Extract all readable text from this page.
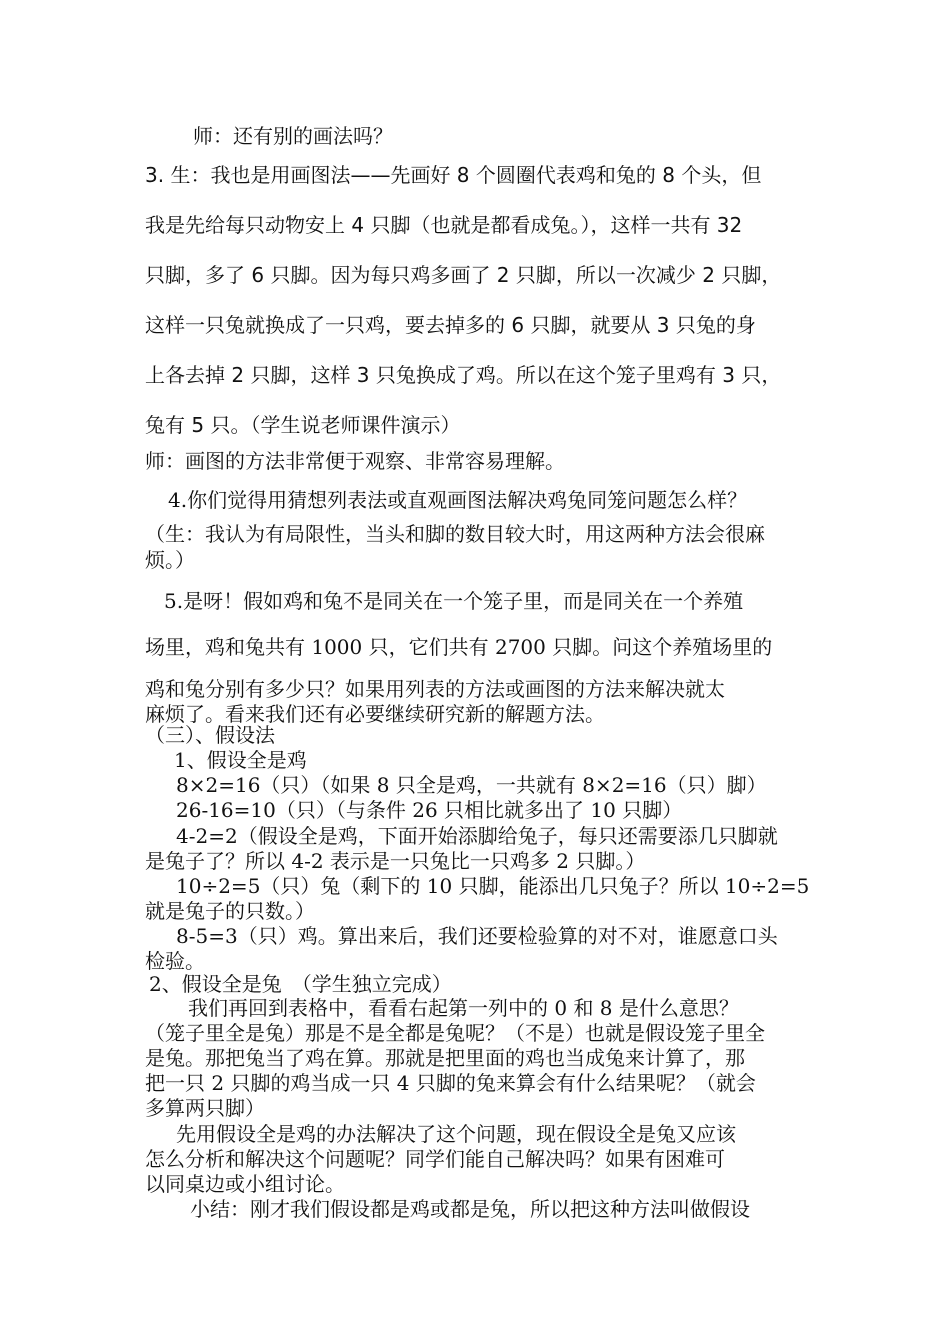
师：还有别的画法吗？
3. 生：我也是用画图法——先画好 8 个圆圈代表鸡和兔的 8 个头，但
我是先给每只动物安上 4 只脚（也就是都看成兔。），这样一共有 32
只脚，多了 6 只脚。因为每只鸡多画了 2 只脚，所以一次减少 2 只脚，
这样一只兔就换成了一只鸡，要去掉多的 6 只脚，就要从 3 只兔的身
上各去掉 2 只脚，这样 3 只兔换成了鸡。所以在这个笼子里鸡有 3 只，
兔有 5 只。（学生说老师课件演示）
师：画图的方法非常便于观察、非常容易理解。
4.你们觉得用猜想列表法或直观画图法解决鸡兔同笼问题怎么样？
（生：我认为有局限性，当头和脚的数目较大时，用这两种方法会很麻
烦。）
5.是呀！假如鸡和兔不是同关在一个笼子里，而是同关在一个养殖
场里，鸡和兔共有 1000 只，它们共有 2700 只脚。问这个养殖场里的
鸡和兔分别有多少只？如果用列表的方法或画图的方法来解决就太
麻烦了。看来我们还有必要继续研究新的解题方法。
（三）、假设法
1、假设全是鸡
8×2=16（只）（如果 8 只全是鸡，一共就有 8×2=16（只）脚）
26-16=10（只）（与条件 26 只相比就多出了 10 只脚）
4-2=2（假设全是鸡，下面开始添脚给兔子，每只还需要添几只脚就
是兔子了？所以 4-2 表示是一只兔比一只鸡多 2 只脚。）
10÷2=5（只）兔（剩下的 10 只脚，能添出几只兔子？所以 10÷2=5
就是兔子的只数。）
8-5=3（只）鸡。算出来后，我们还要检验算的对不对，谁愿意口头
检验。
2、假设全是兔　（学生独立完成）
我们再回到表格中，看看右起第一列中的 0 和 8 是什么意思？
（笼子里全是兔）那是不是全都是兔呢？（不是）也就是假设笼子里全
是兔。那把兔当了鸡在算。那就是把里面的鸡也当成兔来计算了，那
把一只 2 只脚的鸡当成一只 4 只脚的兔来算会有什么结果呢？（就会
多算两只脚）
先用假设全是鸡的办法解决了这个问题，现在假设全是兔又应该
怎么分析和解决这个问题呢？同学们能自己解决吗？如果有困难可
以同桌边或小组讨论。
小结：刚才我们假设都是鸡或都是兔，所以把这种方法叫做假设
